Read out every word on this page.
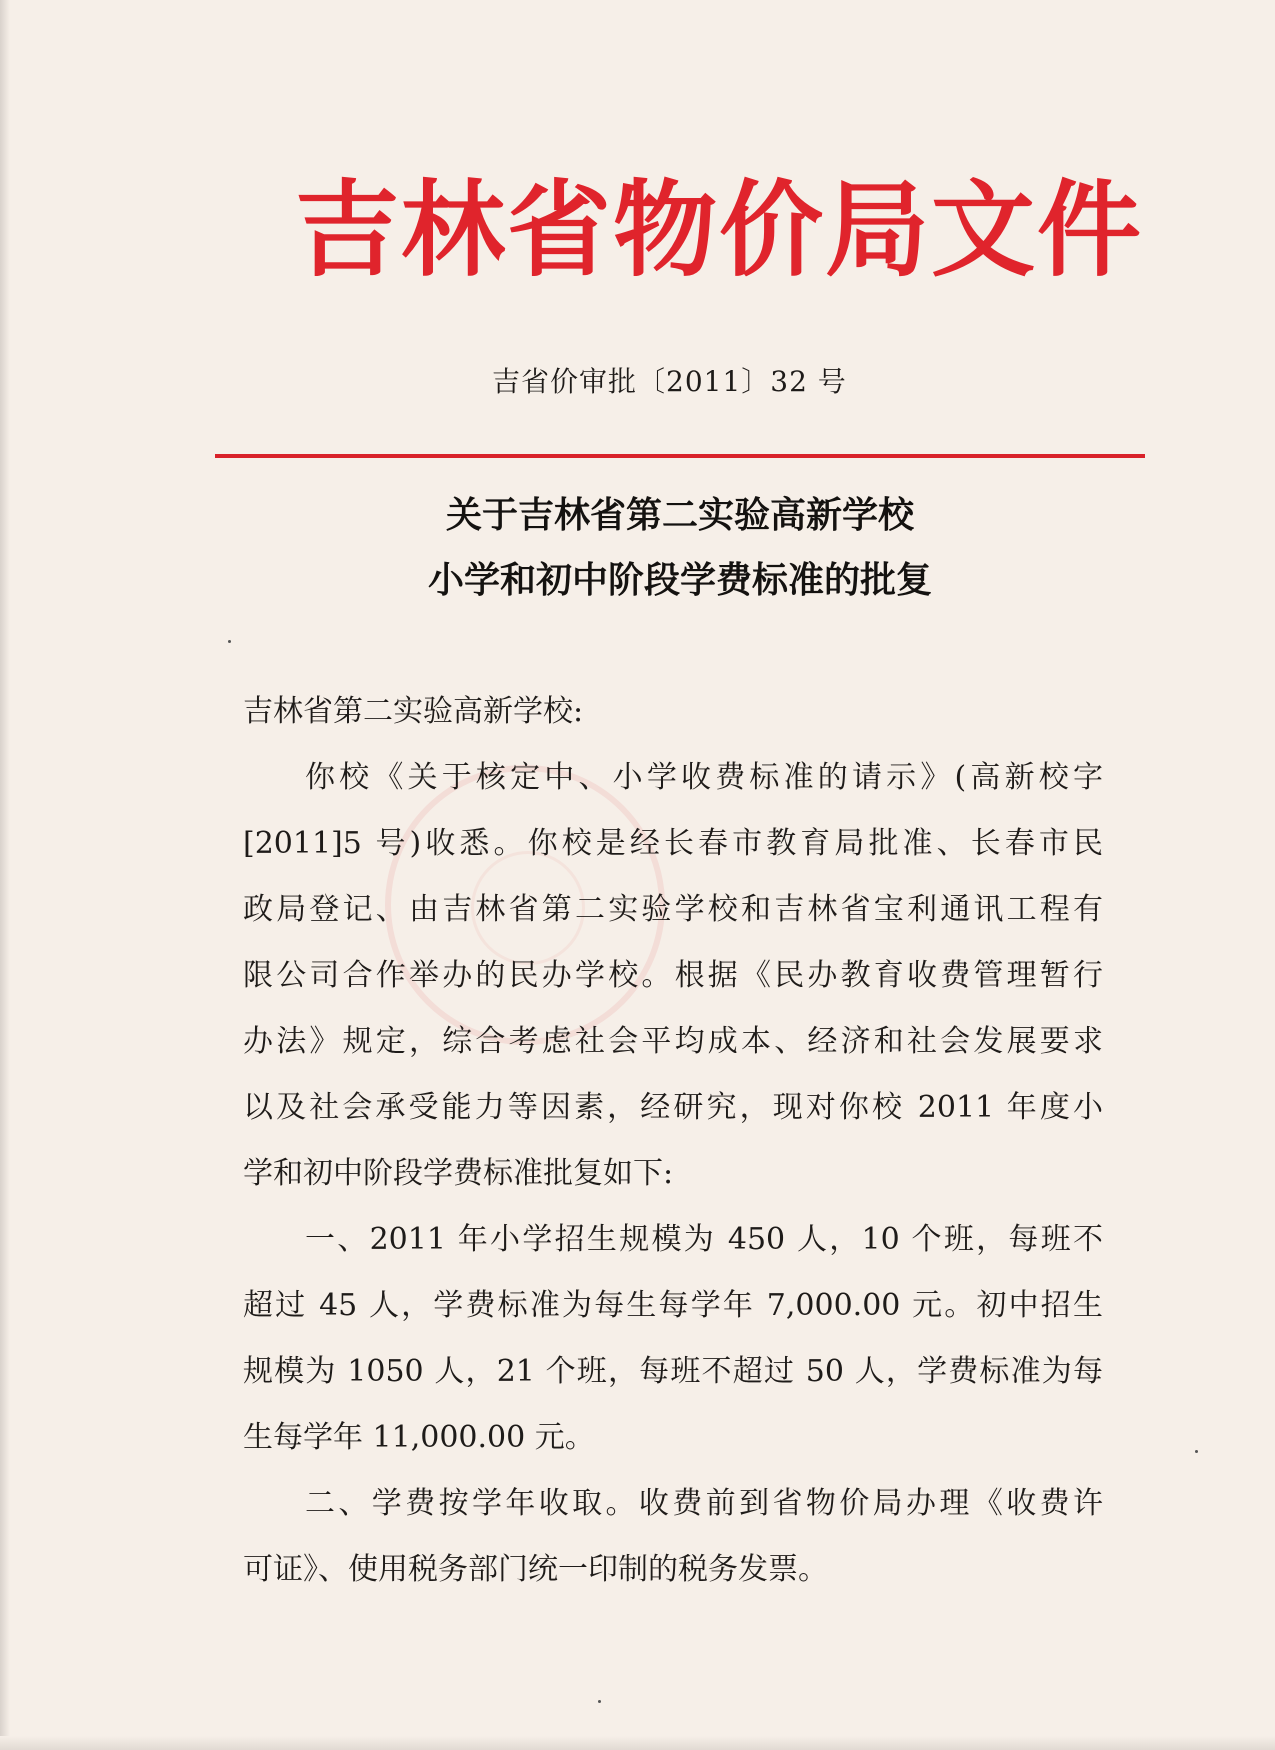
吉林省物价局文件
吉省价审批〔2011〕32 号
关于吉林省第二实验高新学校
小学和初中阶段学费标准的批复
吉林省第二实验高新学校:
你校《关于核定中、小学收费标准的请示》(高新校字
[2011]5 号)收悉。你校是经长春市教育局批准、长春市民
政局登记、由吉林省第二实验学校和吉林省宝利通讯工程有
限公司合作举办的民办学校。根据《民办教育收费管理暂行
办法》规定，综合考虑社会平均成本、经济和社会发展要求
以及社会承受能力等因素，经研究，现对你校 2011 年度小
学和初中阶段学费标准批复如下:
一、2011 年小学招生规模为 450 人，10 个班，每班不
超过 45 人，学费标准为每生每学年 7,000.00 元。初中招生
规模为 1050 人，21 个班，每班不超过 50 人，学费标准为每
生每学年 11,000.00 元。
二、学费按学年收取。收费前到省物价局办理《收费许
可证》、使用税务部门统一印制的税务发票。
